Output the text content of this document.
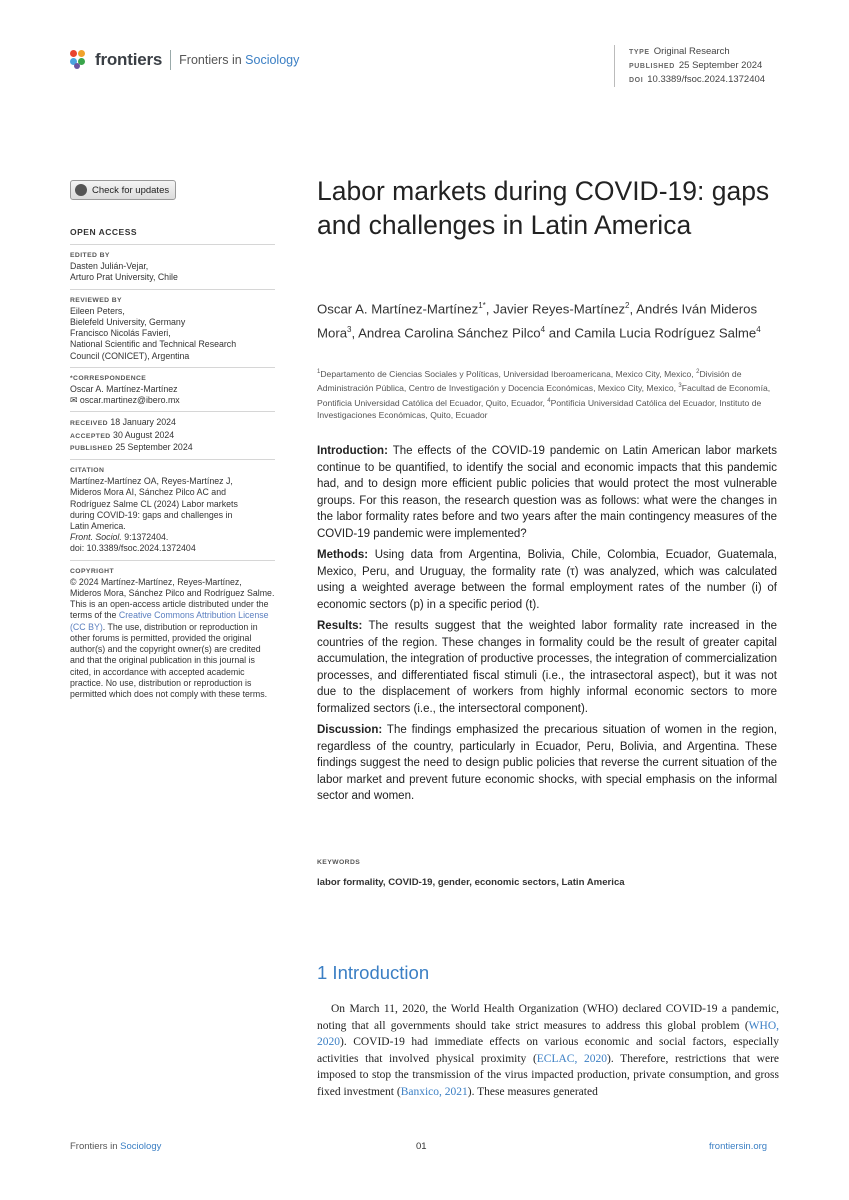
frontiers Frontiers in Sociology
TYPE Original Research
PUBLISHED 25 September 2024
DOI 10.3389/fsoc.2024.1372404
Check for updates
OPEN ACCESS
EDITED BY
Dasten Julián-Vejar,
Arturo Prat University, Chile
REVIEWED BY
Eileen Peters,
Bielefeld University, Germany
Francisco Nicolás Favieri,
National Scientific and Technical Research
Council (CONICET), Argentina
*CORRESPONDENCE
Oscar A. Martínez-Martínez
✉ oscar.martinez@ibero.mx
RECEIVED 18 January 2024
ACCEPTED 30 August 2024
PUBLISHED 25 September 2024
CITATION
Martínez-Martínez OA, Reyes-Martínez J,
Mideros Mora AI, Sánchez Pilco AC and
Rodríguez Salme CL (2024) Labor markets
during COVID-19: gaps and challenges in
Latin America.
Front. Sociol. 9:1372404.
doi: 10.3389/fsoc.2024.1372404
COPYRIGHT
© 2024 Martínez-Martínez, Reyes-Martínez, Mideros Mora, Sánchez Pilco and Rodríguez Salme. This is an open-access article distributed under the terms of the Creative Commons Attribution License (CC BY). The use, distribution or reproduction in other forums is permitted, provided the original author(s) and the copyright owner(s) are credited and that the original publication in this journal is cited, in accordance with accepted academic practice. No use, distribution or reproduction is permitted which does not comply with these terms.
Labor markets during COVID-19: gaps and challenges in Latin America
Oscar A. Martínez-Martínez$^{1*}$, Javier Reyes-Martínez$^2$, Andrés Iván Mideros Mora$^3$, Andrea Carolina Sánchez Pilco$^4$ and Camila Lucia Rodríguez Salme$^4$
$^1$Departamento de Ciencias Sociales y Políticas, Universidad Iberoamericana, Mexico City, Mexico, $^2$División de Administración Pública, Centro de Investigación y Docencia Económicas, Mexico City, Mexico, $^3$Facultad de Economía, Pontificia Universidad Católica del Ecuador, Quito, Ecuador, $^4$Pontificia Universidad Católica del Ecuador, Instituto de Investigaciones Económicas, Quito, Ecuador

Introduction: The effects of the COVID-19 pandemic on Latin American labor markets continue to be quantified, to identify the social and economic impacts that this pandemic had, and to design more efficient public policies that would protect the most vulnerable groups. For this reason, the research question was as follows: what were the changes in the labor formality rates before and two years after the main contingency measures of the COVID-19 pandemic were implemented?

Methods: Using data from Argentina, Bolivia, Chile, Colombia, Ecuador, Guatemala, Mexico, Peru, and Uruguay, the formality rate (τ) was analyzed, which was calculated using a weighted average between the formal employment rates of the number (i) of economic sectors (p) in a specific period (t).

Results: The results suggest that the weighted labor formality rate increased in the countries of the region. These changes in formality could be the result of greater capital accumulation, the integration of productive processes, the integration of commercialization processes, and differentiated fiscal stimuli (i.e., the intrasectoral aspect), but it was not due to the displacement of workers from highly informal economic sectors to more formalized sectors (i.e., the intersectoral component).

Discussion: The findings emphasized the precarious situation of women in the region, regardless of the country, particularly in Ecuador, Peru, Bolivia, and Argentina. These findings suggest the need to design public policies that reverse the current situation of the labor market and prevent future economic shocks, with special emphasis on the informal sector and women.

KEYWORDS
labor formality, COVID-19, gender, economic sectors, Latin America
1 Introduction
On March 11, 2020, the World Health Organization (WHO) declared COVID-19 a pandemic, noting that all governments should take strict measures to address this global problem (WHO, 2020). COVID-19 had immediate effects on various economic and social factors, especially activities that involved physical proximity (ECLAC, 2020). Therefore, restrictions that were imposed to stop the transmission of the virus impacted production, private consumption, and gross fixed investment (Banxico, 2021). These measures generated
Frontiers in Sociology	01	frontiersin.org
